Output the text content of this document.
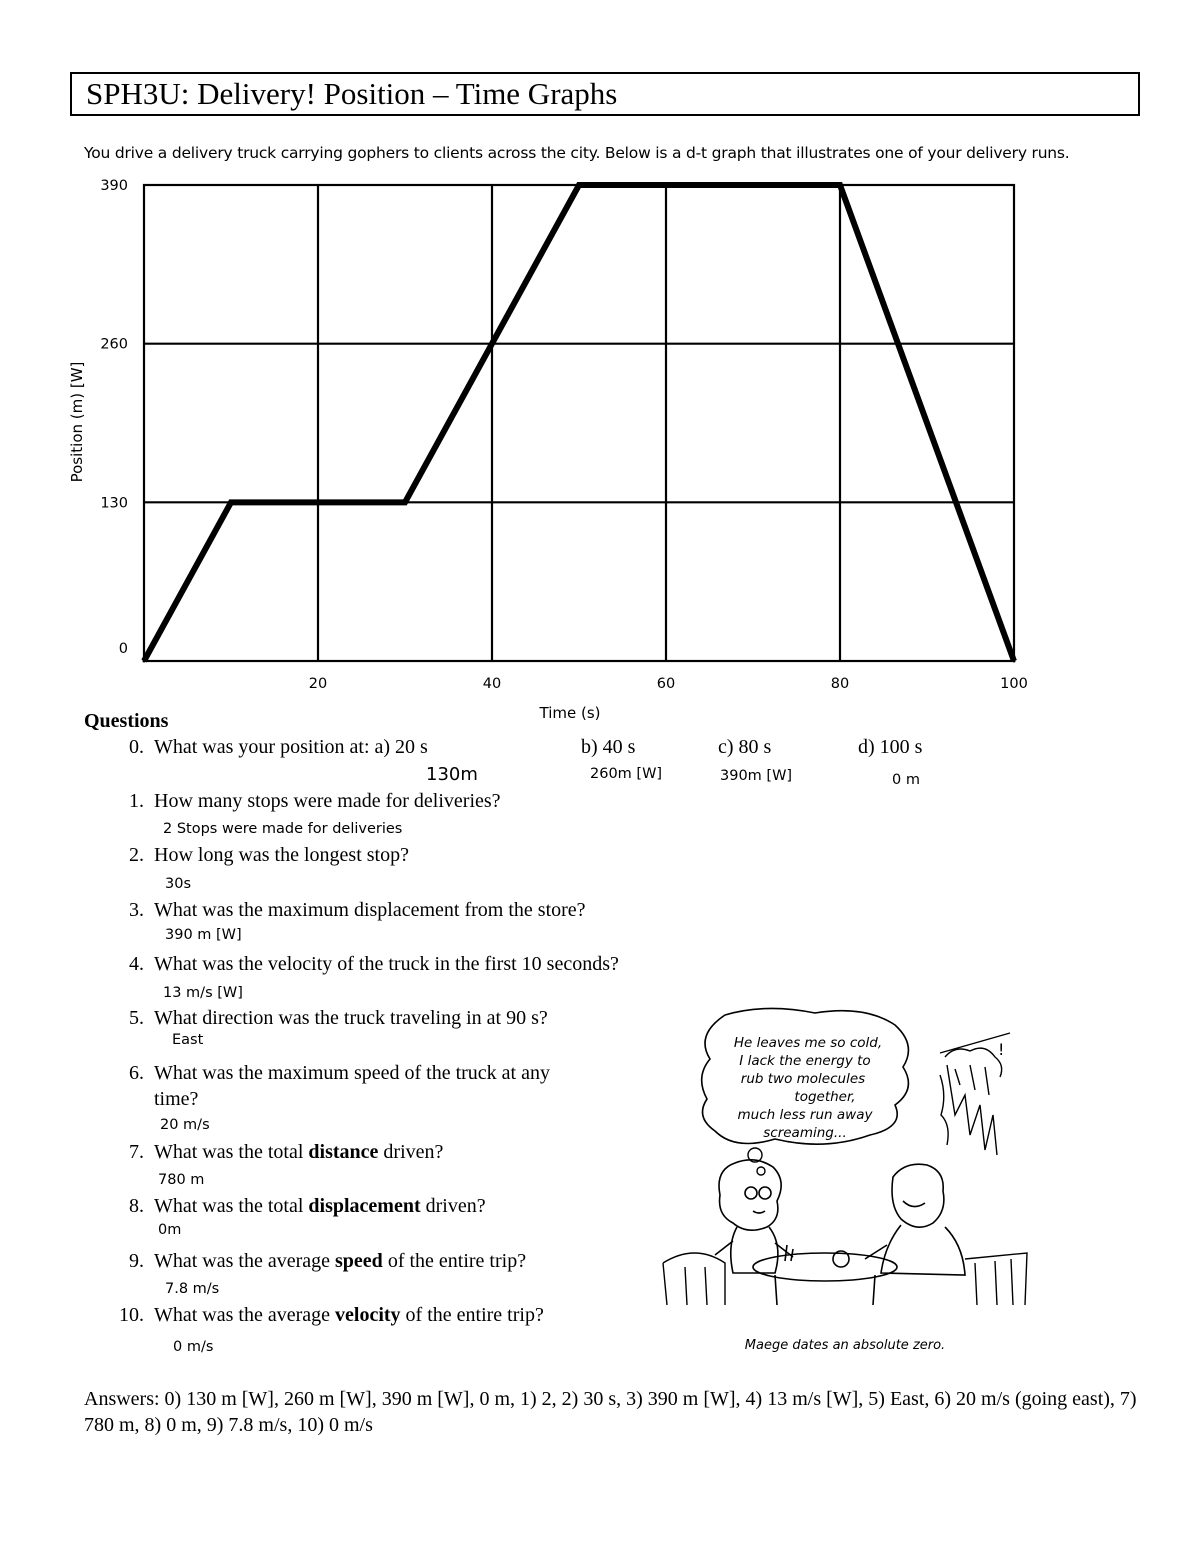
SPH3U: Delivery! Position – Time Graphs
You drive a delivery truck carrying gophers to clients across the city. Below is a d-t graph that illustrates one of your delivery runs.
0
130
260
390
20	40	60	80	100
Position (m) [W]
Time (s)
Questions
0. What was your position at: a) 20 s	b) 40 s	c) 80 s	d) 100 s
130m	260m [W]	390m [W]	0 m
1. How many stops were made for deliveries?
2 Stops were made for deliveries
2. How long was the longest stop?
30s
3. What was the maximum displacement from the store?
390 m [W]
4. What was the velocity of the truck in the first 10 seconds?
13 m/s [W]
5. What direction was the truck traveling in at 90 s?
East
6. What was the maximum speed of the truck at any
time?
20 m/s
7. What was the total distance driven?
780 m
8. What was the total displacement driven?
0m
9. What was the average speed of the entire trip?
7.8 m/s
10. What was the average velocity of the entire trip?
0 m/s
He leaves me so cold,
I lack the energy to
rub two molecules
together,
much less run away
screaming...
!
Maege dates an absolute zero.
Answers: 0) 130 m [W], 260 m [W], 390 m [W], 0 m, 1) 2, 2) 30 s, 3) 390 m [W], 4) 13 m/s [W], 5) East, 6) 20 m/s (going east), 7) 780 m, 8) 0 m, 9) 7.8 m/s, 10) 0 m/s
